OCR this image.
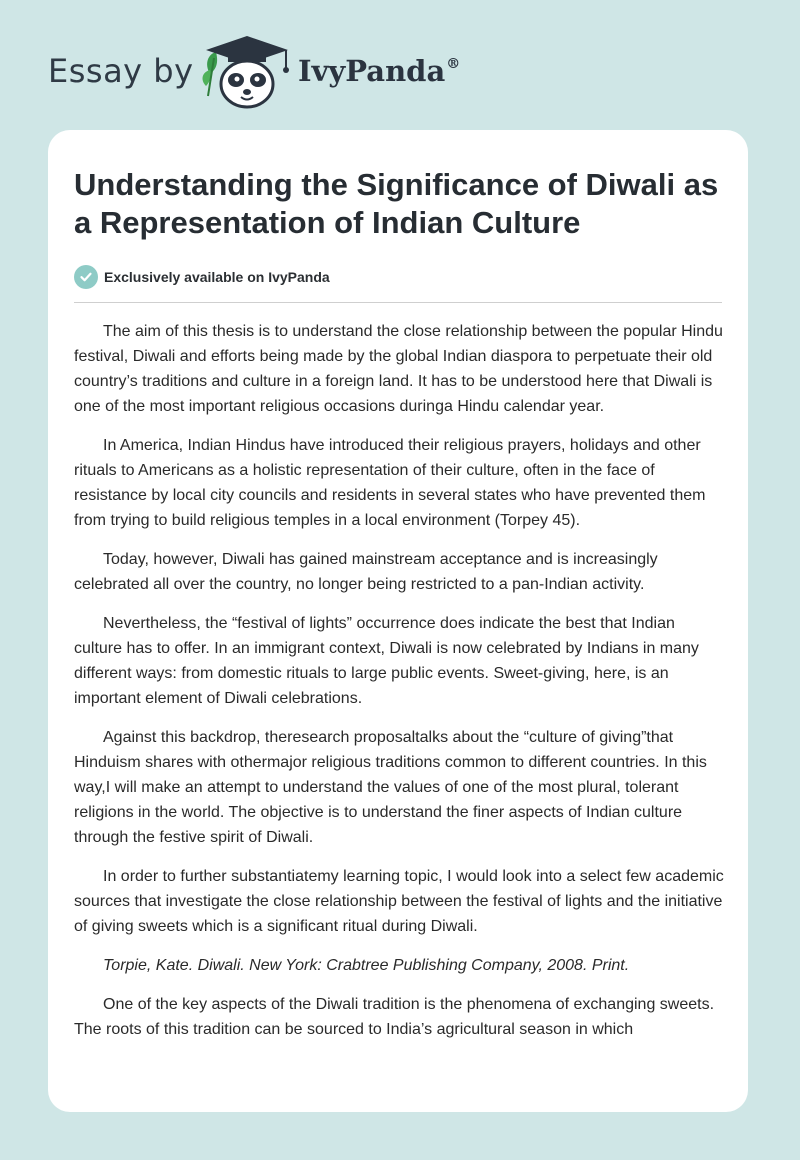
Essay by	IvyPanda®
Understanding the Significance of Diwali as a Representation of Indian Culture
Exclusively available on IvyPanda

The aim of this thesis is to understand the close relationship between the popular Hindu festival, Diwali and efforts being made by the global Indian diaspora to perpetuate their old country’s traditions and culture in a foreign land. It has to be understood here that Diwali is one of the most important religious occasions duringa Hindu calendar year.

In America, Indian Hindus have introduced their religious prayers, holidays and other rituals to Americans as a holistic representation of their culture, often in the face of resistance by local city councils and residents in several states who have prevented them from trying to build religious temples in a local environment (Torpey 45).

Today, however, Diwali has gained mainstream acceptance and is increasingly celebrated all over the country, no longer being restricted to a pan-Indian activity.

Nevertheless, the “festival of lights” occurrence does indicate the best that Indian culture has to offer. In an immigrant context, Diwali is now celebrated by Indians in many different ways: from domestic rituals to large public events. Sweet-giving, here, is an important element of Diwali celebrations.

Against this backdrop, theresearch proposaltalks about the “culture of giving”that Hinduism shares with othermajor religious traditions common to different countries. In this way,I will make an attempt to understand the values of one of the most plural, tolerant religions in the world. The objective is to understand the finer aspects of Indian culture through the festive spirit of Diwali.

In order to further substantiatemy learning topic, I would look into a select few academic sources that investigate the close relationship between the festival of lights and the initiative of giving sweets which is a significant ritual during Diwali.

Torpie, Kate. Diwali. New York: Crabtree Publishing Company, 2008. Print.

One of the key aspects of the Diwali tradition is the phenomena of exchanging sweets. The roots of this tradition can be sourced to India’s agricultural season in which
